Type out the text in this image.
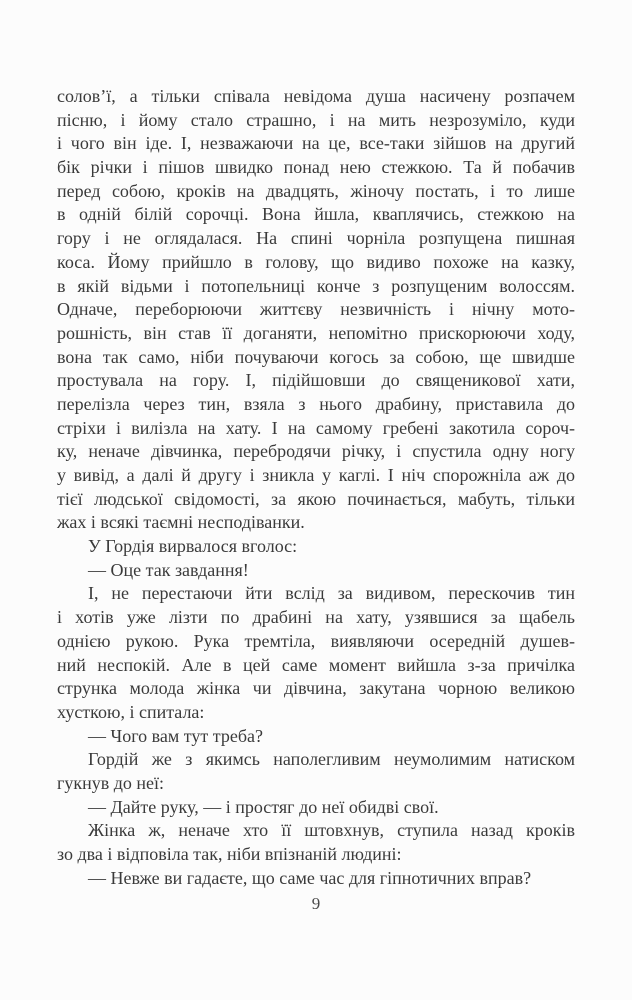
солов’ї, а тільки співала невідома душа насичену розпачем
пісню, і йому стало страшно, і на мить незрозуміло, куди
і чого він іде. І, незважаючи на це, все-таки зійшов на другий
бік річки і пішов швидко понад нею стежкою. Та й побачив
перед собою, кроків на двадцять, жіночу постать, і то лише
в одній білій сорочці. Вона йшла, кваплячись, стежкою на
гору і не оглядалася. На спині чорніла розпущена пишная
коса. Йому прийшло в голову, що видиво похоже на казку,
в якій відьми і потопельниці конче з розпущеним волоссям.
Одначе, переборюючи життєву незвичність і нічну мото-
рошність, він став її доганяти, непомітно прискорюючи ходу,
вона так само, ніби почуваючи когось за собою, ще швидше
простувала на гору. І, підійшовши до священикової хати,
перелізла через тин, взяла з нього драбину, приставила до
стріхи і вилізла на хату. І на самому гребені закотила сороч-
ку, неначе дівчинка, перебродячи річку, і спустила одну ногу
у вивід, а далі й другу і зникла у каглі. І ніч спорожніла аж до
тієї людської свідомості, за якою починається, мабуть, тільки
жах і всякі таємні несподіванки.
У Гордія вирвалося вголос:
— Оце так завдання!
І, не перестаючи йти вслід за видивом, перескочив тин
і хотів уже лізти по драбині на хату, узявшися за щабель
однією рукою. Рука тремтіла, виявляючи осередній душев-
ний неспокій. Але в цей саме момент вийшла з-за причілка
струнка молода жінка чи дівчина, закутана чорною великою
хусткою, і спитала:
— Чого вам тут треба?
Гордій же з якимсь наполегливим неумолимим натиском
гукнув до неї:
— Дайте руку, — і простяг до неї обидві свої.
Жінка ж, неначе хто її штовхнув, ступила назад кроків
зо два і відповіла так, ніби впізнаній людині:
— Невже ви гадаєте, що саме час для гіпнотичних вправ?
9
